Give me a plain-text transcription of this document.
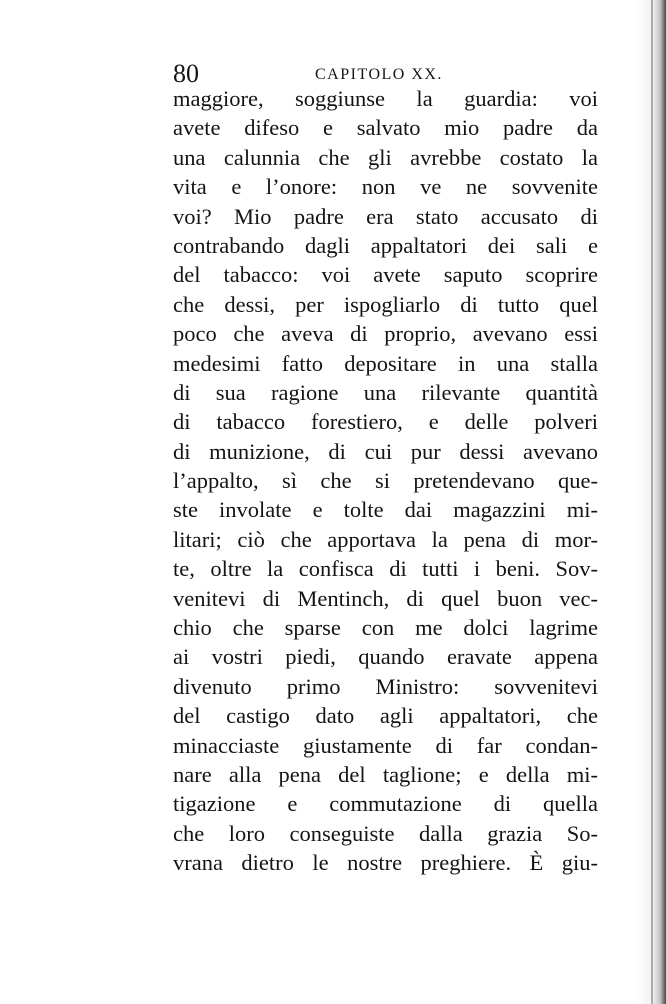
80	CAPITOLO XX.
maggiore, soggiunse la guardia: voi
avete difeso e salvato mio padre da
una calunnia che gli avrebbe costato la
vita e l’onore: non ve ne sovvenite
voi? Mio padre era stato accusato di
contrabando dagli appaltatori dei sali e
del tabacco: voi avete saputo scoprire
che dessi, per ispogliarlo di tutto quel
poco che aveva di proprio, avevano essi
medesimi fatto depositare in una stalla
di sua ragione una rilevante quantità
di tabacco forestiero, e delle polveri
di munizione, di cui pur dessi avevano
l’appalto, sì che si pretendevano que-
ste involate e tolte dai magazzini mi-
litari; ciò che apportava la pena di mor-
te, oltre la confisca di tutti i beni. Sov-
venitevi di Mentinch, di quel buon vec-
chio che sparse con me dolci lagrime
ai vostri piedi, quando eravate appena
divenuto primo Ministro: sovvenitevi
del castigo dato agli appaltatori, che
minacciaste giustamente di far condan-
nare alla pena del taglione; e della mi-
tigazione e commutazione di quella
che loro conseguiste dalla grazia So-
vrana dietro le nostre preghiere. È giu-
